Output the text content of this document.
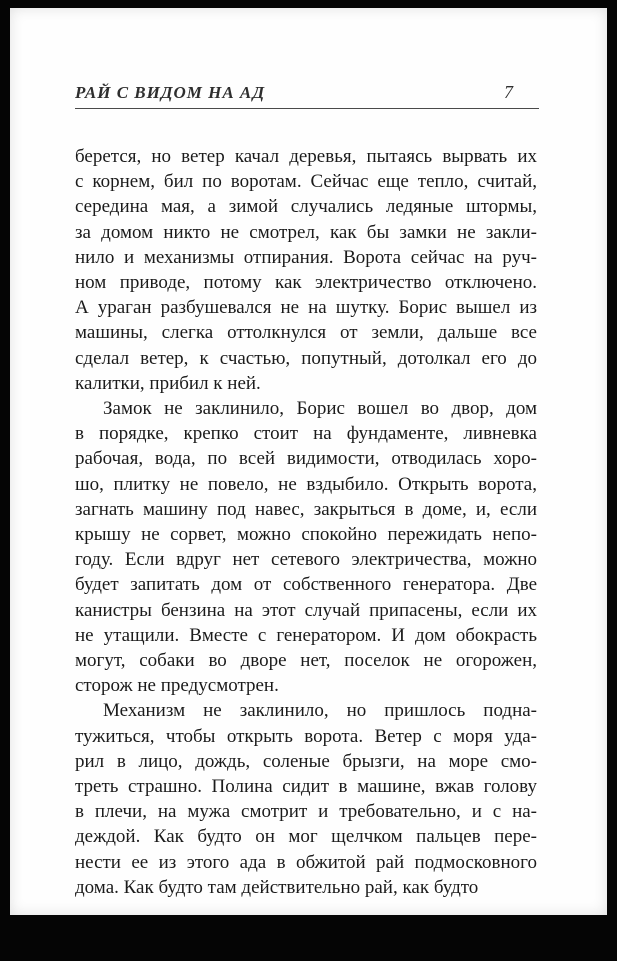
РАЙ С ВИДОМ НА АД	7
берется, но ветер качал деревья, пытаясь вырвать их
с корнем, бил по воротам. Сейчас еще тепло, считай,
середина мая, а зимой случались ледяные штормы,
за домом никто не смотрел, как бы замки не закли-
нило и механизмы отпирания. Ворота сейчас на руч-
ном приводе, потому как электричество отключено.
А ураган разбушевался не на шутку. Борис вышел из
машины, слегка оттолкнулся от земли, дальше все
сделал ветер, к счастью, попутный, дотолкал его до
калитки, прибил к ней.
Замок не заклинило, Борис вошел во двор, дом
в порядке, крепко стоит на фундаменте, ливневка
рабочая, вода, по всей видимости, отводилась хоро-
шо, плитку не повело, не вздыбило. Открыть ворота,
загнать машину под навес, закрыться в доме, и, если
крышу не сорвет, можно спокойно пережидать непо-
году. Если вдруг нет сетевого электричества, можно
будет запитать дом от собственного генератора. Две
канистры бензина на этот случай припасены, если их
не утащили. Вместе с генератором. И дом обокрасть
могут, собаки во дворе нет, поселок не огорожен,
сторож не предусмотрен.
Механизм не заклинило, но пришлось подна-
тужиться, чтобы открыть ворота. Ветер с моря уда-
рил в лицо, дождь, соленые брызги, на море смо-
треть страшно. Полина сидит в машине, вжав голову
в плечи, на мужа смотрит и требовательно, и с на-
деждой. Как будто он мог щелчком пальцев пере-
нести ее из этого ада в обжитой рай подмосковного
дома. Как будто там действительно рай, как будто
